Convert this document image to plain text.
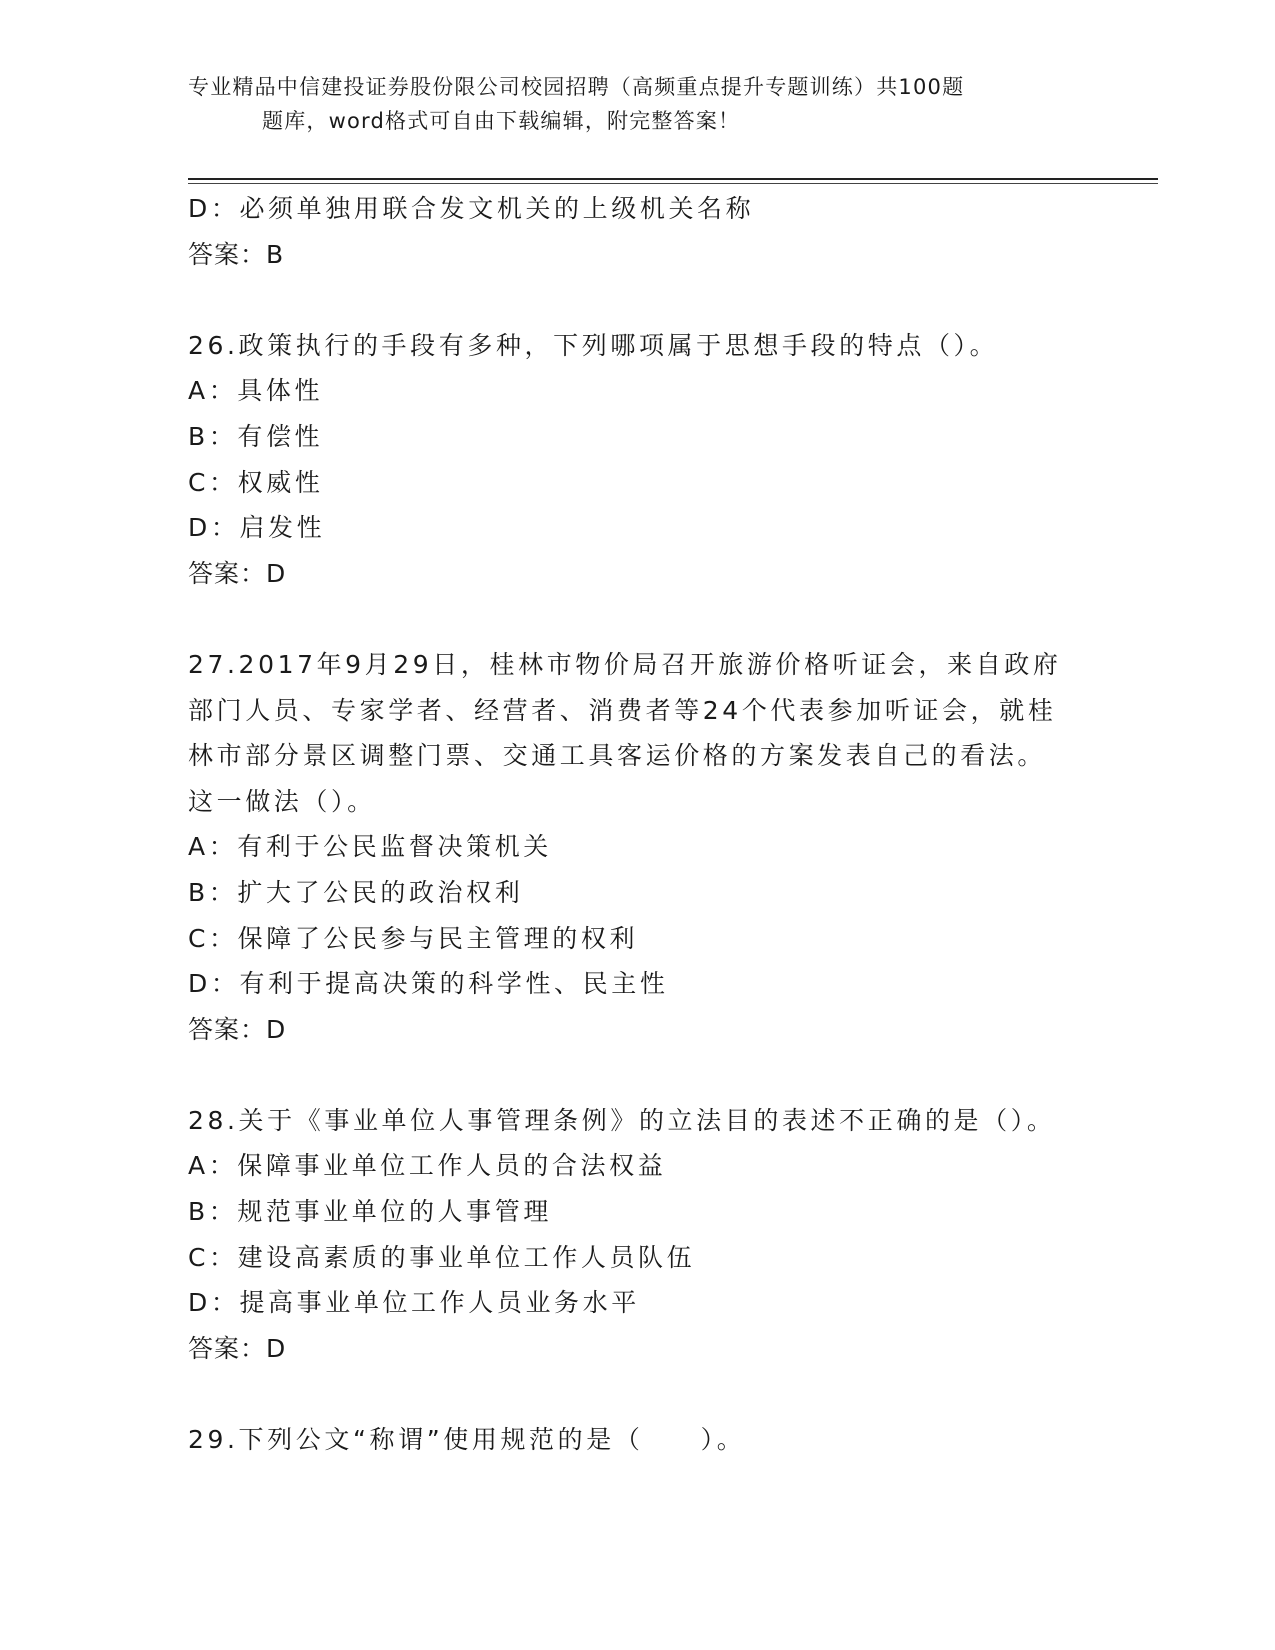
专业精品中信建投证券股份限公司校园招聘（高频重点提升专题训练）共100题
题库，word格式可自由下载编辑，附完整答案！
D：必须单独用联合发文机关的上级机关名称
答案：B
26.政策执行的手段有多种，下列哪项属于思想手段的特点（）。
A：具体性
B：有偿性
C：权威性
D：启发性
答案：D
27.2017年9月29日，桂林市物价局召开旅游价格听证会，来自政府
部门人员、专家学者、经营者、消费者等24个代表参加听证会，就桂
林市部分景区调整门票、交通工具客运价格的方案发表自己的看法。
这一做法（）。
A：有利于公民监督决策机关
B：扩大了公民的政治权利
C：保障了公民参与民主管理的权利
D：有利于提高决策的科学性、民主性
答案：D
28.关于《事业单位人事管理条例》的立法目的表述不正确的是（）。
A：保障事业单位工作人员的合法权益
B：规范事业单位的人事管理
C：建设高素质的事业单位工作人员队伍
D：提高事业单位工作人员业务水平
答案：D
29.下列公文“称谓”使用规范的是（　　）。
